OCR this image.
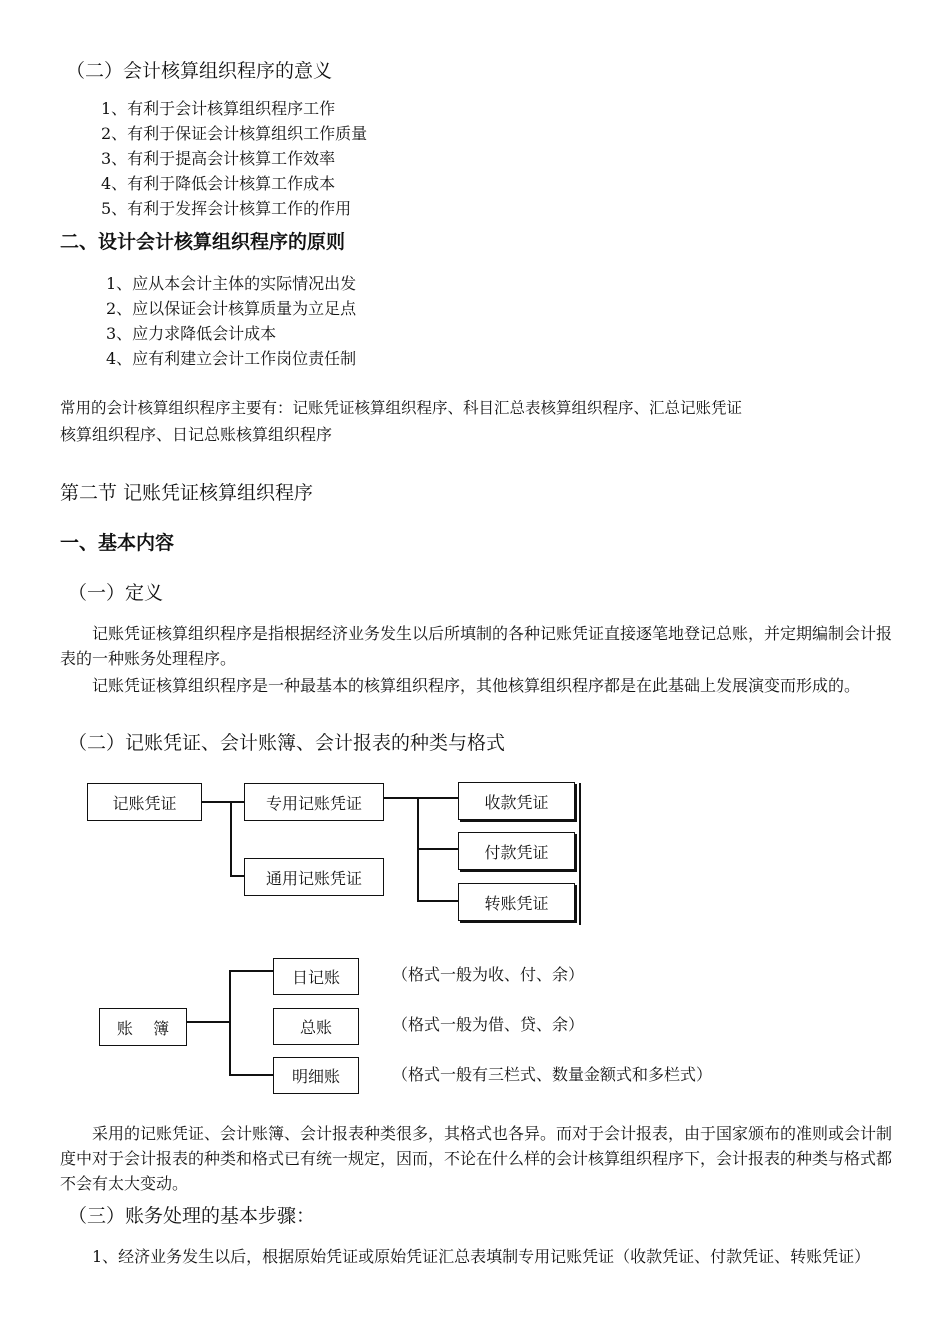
（二）会计核算组织程序的意义
1、有利于会计核算组织程序工作
2、有利于保证会计核算组织工作质量
3、有利于提高会计核算工作效率
4、有利于降低会计核算工作成本
5、有利于发挥会计核算工作的作用
二、设计会计核算组织程序的原则
1、应从本会计主体的实际情况出发
2、应以保证会计核算质量为立足点
3、应力求降低会计成本
4、应有利建立会计工作岗位责任制
常用的会计核算组织程序主要有：记账凭证核算组织程序、科目汇总表核算组织程序、汇总记账凭证
核算组织程序、日记总账核算组织程序
第二节 记账凭证核算组织程序
一、基本内容
（一）定义
记账凭证核算组织程序是指根据经济业务发生以后所填制的各种记账凭证直接逐笔地登记总账，并定期编制会计报表的一种账务处理程序。
记账凭证核算组织程序是一种最基本的核算组织程序，其他核算组织程序都是在此基础上发展演变而形成的。
（二）记账凭证、会计账簿、会计报表的种类与格式
记账凭证	专用记账凭证
通用记账凭证
收款凭证
付款凭证
转账凭证
账    簿
日记账
总账
明细账
（格式一般为收、付、余）
（格式一般为借、贷、余）
（格式一般有三栏式、数量金额式和多栏式）
采用的记账凭证、会计账簿、会计报表种类很多，其格式也各异。而对于会计报表，由于国家颁布的准则或会计制度中对于会计报表的种类和格式已有统一规定，因而，不论在什么样的会计核算组织程序下，会计报表的种类与格式都不会有太大变动。
（三）账务处理的基本步骤：
1、经济业务发生以后，根据原始凭证或原始凭证汇总表填制专用记账凭证（收款凭证、付款凭证、转账凭证）
